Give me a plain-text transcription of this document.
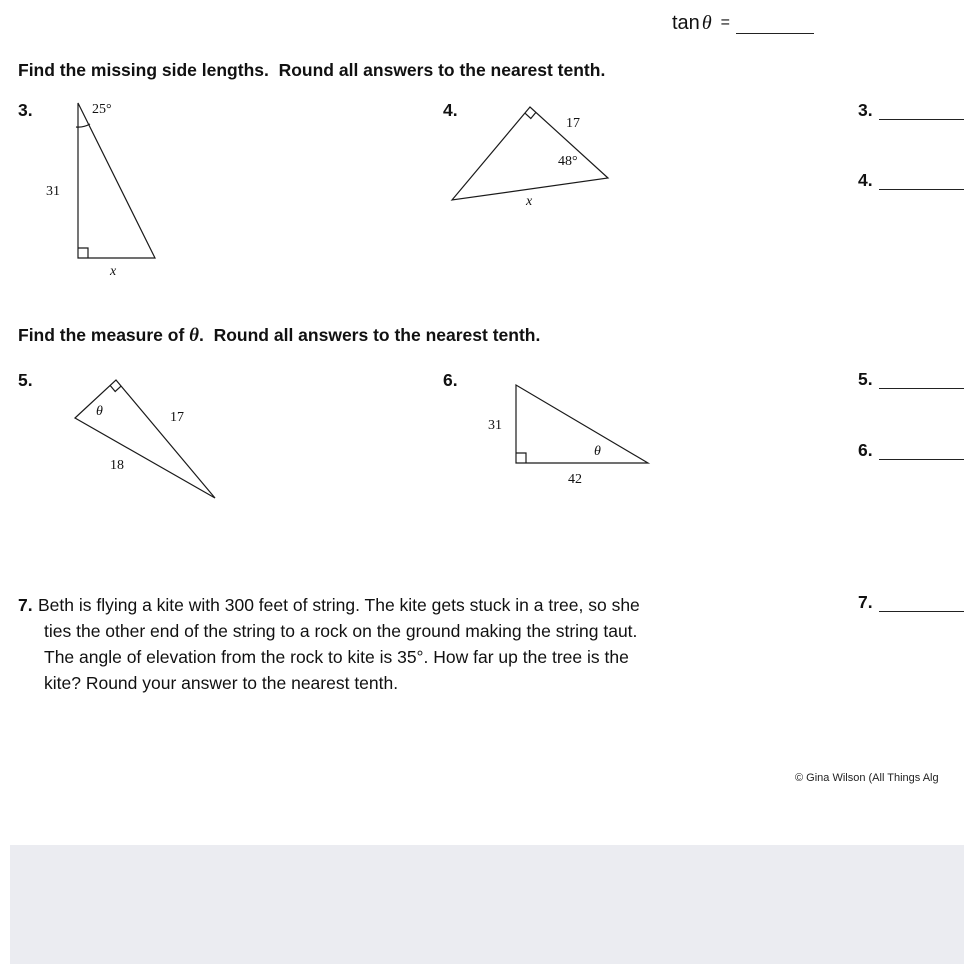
tan θ =
Find the missing side lengths.  Round all answers to the nearest tenth.
3.	25°
31
x
4.
17
48°
x
3.
4.
Find the measure of θ.  Round all answers to the nearest tenth.
5.
θ	17
18
6.
31
θ
42
5.
6.
7. Beth is flying a kite with 300 feet of string. The kite gets stuck in a tree, so she
ties the other end of the string to a rock on the ground making the string taut.
The angle of elevation from the rock to kite is 35°. How far up the tree is the
kite? Round your answer to the nearest tenth.
7.
© Gina Wilson (All Things Alg
